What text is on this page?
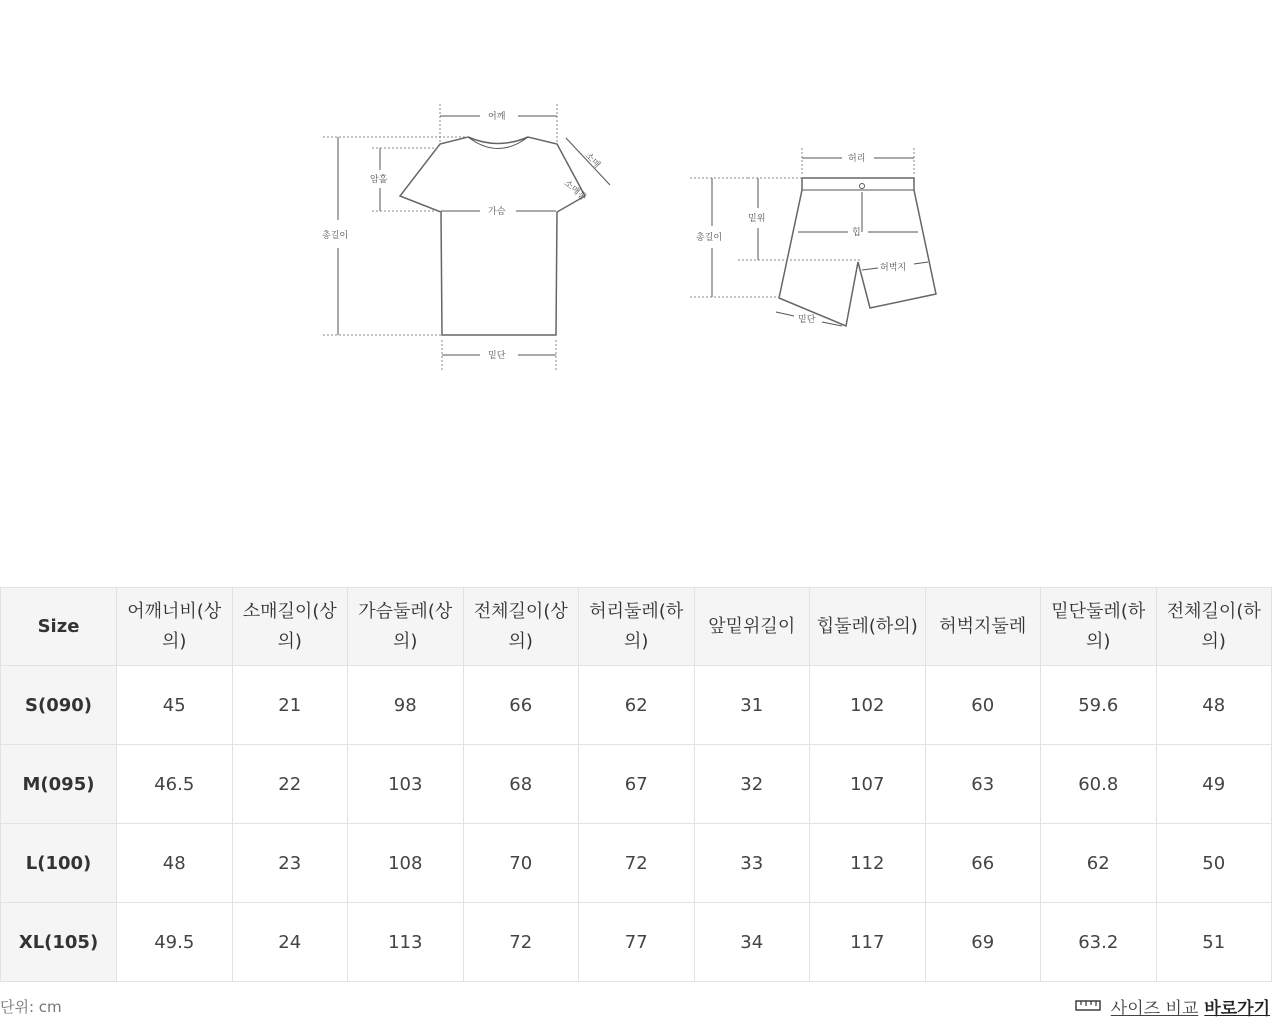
어깨
총길이
암홀
가슴
소매
소매통
밑단
허리
밑위
총길이	힙
허벅지
밑단
Size	어깨너비(상의)	소매길이(상의)	가슴둘레(상의)	전체길이(상의)	허리둘레(하의)	앞밑위길이	힙둘레(하의)	허벅지둘레	밑단둘레(하의)	전체길이(하의)
S(090)	45	21	98	66	62	31	102	60	59.6	48
M(095)	46.5	22	103	68	67	32	107	63	60.8	49
L(100)	48	23	108	70	72	33	112	66	62	50
XL(105)	49.5	24	113	72	77	34	117	69	63.2	51
단위: cm	사이즈 비교 바로가기
